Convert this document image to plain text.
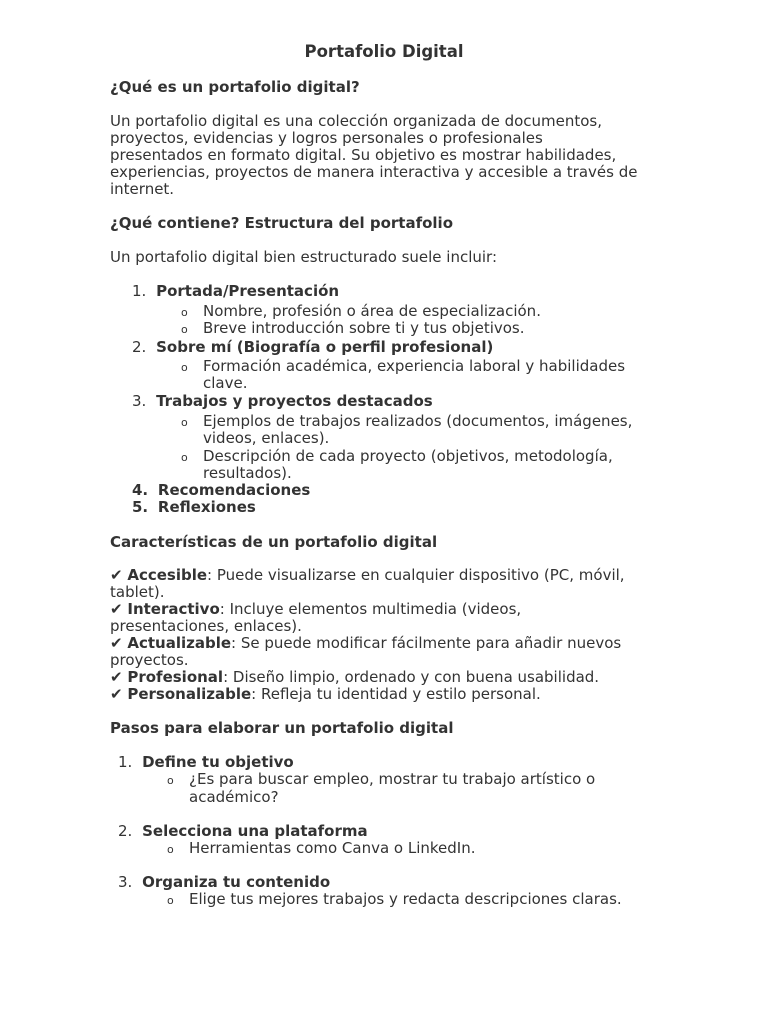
Portafolio Digital
¿Qué es un portafolio digital?

Un portafolio digital es una colección organizada de documentos,

proyectos, evidencias y logros personales o profesionales

presentados en formato digital. Su objetivo es mostrar habilidades,

experiencias, proyectos de manera interactiva y accesible a través de

internet.

¿Qué contiene? Estructura del portafolio

Un portafolio digital bien estructurado suele incluir:

1. Portada/Presentación
o Nombre, profesión o área de especialización.
o Breve introducción sobre ti y tus objetivos.
2. Sobre mí (Biografía o perfil profesional)
o Formación académica, experiencia laboral y habilidades
clave.
3. Trabajos y proyectos destacados
o Ejemplos de trabajos realizados (documentos, imágenes,
videos, enlaces).
o Descripción de cada proyecto (objetivos, metodología,
resultados).
4. Recomendaciones
5. Reflexiones
Características de un portafolio digital

✔ Accesible: Puede visualizarse en cualquier dispositivo (PC, móvil,

tablet).

✔ Interactivo: Incluye elementos multimedia (videos,

presentaciones, enlaces).

✔ Actualizable: Se puede modificar fácilmente para añadir nuevos

proyectos.

✔ Profesional: Diseño limpio, ordenado y con buena usabilidad.

✔ Personalizable: Refleja tu identidad y estilo personal.

Pasos para elaborar un portafolio digital
1. Define tu objetivo
o ¿Es para buscar empleo, mostrar tu trabajo artístico o
académico?
2. Selecciona una plataforma
o Herramientas como Canva o LinkedIn.
3. Organiza tu contenido
o Elige tus mejores trabajos y redacta descripciones claras.
